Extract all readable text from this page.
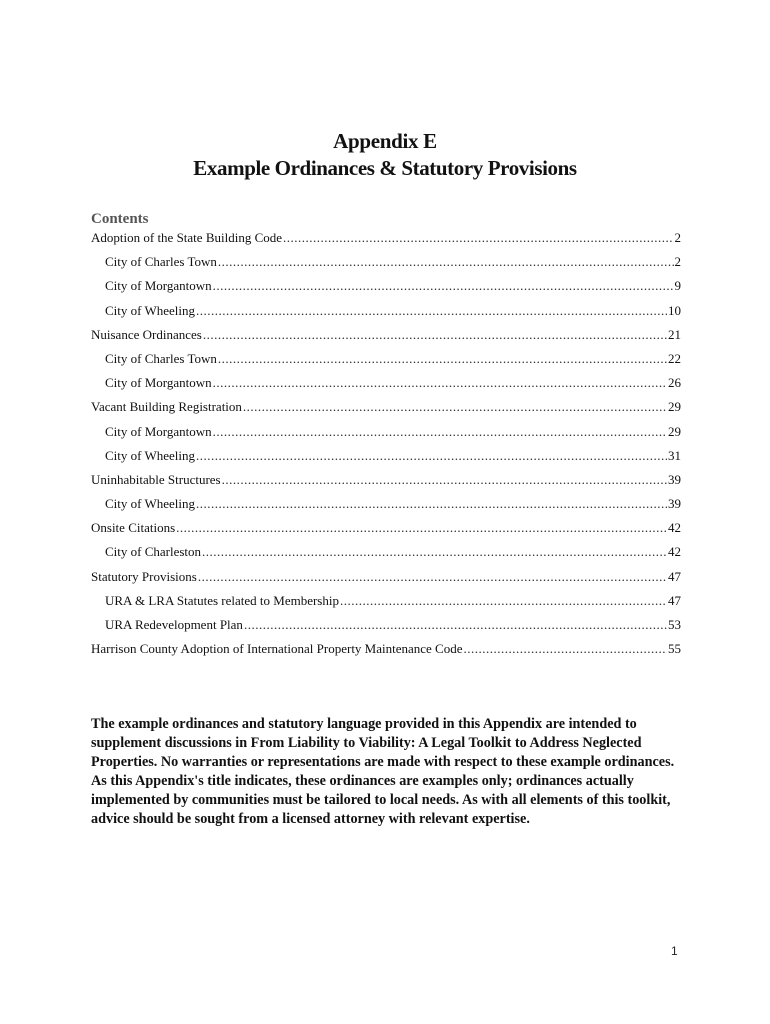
Appendix E
Example Ordinances & Statutory Provisions
Contents
Adoption of the State Building Code .....	2
City of Charles Town .....	2
City of Morgantown .....	9
City of Wheeling .....	10
Nuisance Ordinances .....	21
City of Charles Town .....	22
City of Morgantown .....	26
Vacant Building Registration .....	29
City of Morgantown .....	29
City of Wheeling .....	31
Uninhabitable Structures .....	39
City of Wheeling .....	39
Onsite Citations .....	42
City of Charleston .....	42
Statutory Provisions .....	47
URA & LRA Statutes related to Membership .....	47
URA Redevelopment Plan .....	53
Harrison County Adoption of International Property Maintenance Code .....	55

The example ordinances and statutory language provided in this Appendix are intended to supplement discussions in From Liability to Viability: A Legal Toolkit to Address Neglected Properties. No warranties or representations are made with respect to these example ordinances. As this Appendix's title indicates, these ordinances are examples only; ordinances actually implemented by communities must be tailored to local needs. As with all elements of this toolkit, advice should be sought from a licensed attorney with relevant expertise.

1
